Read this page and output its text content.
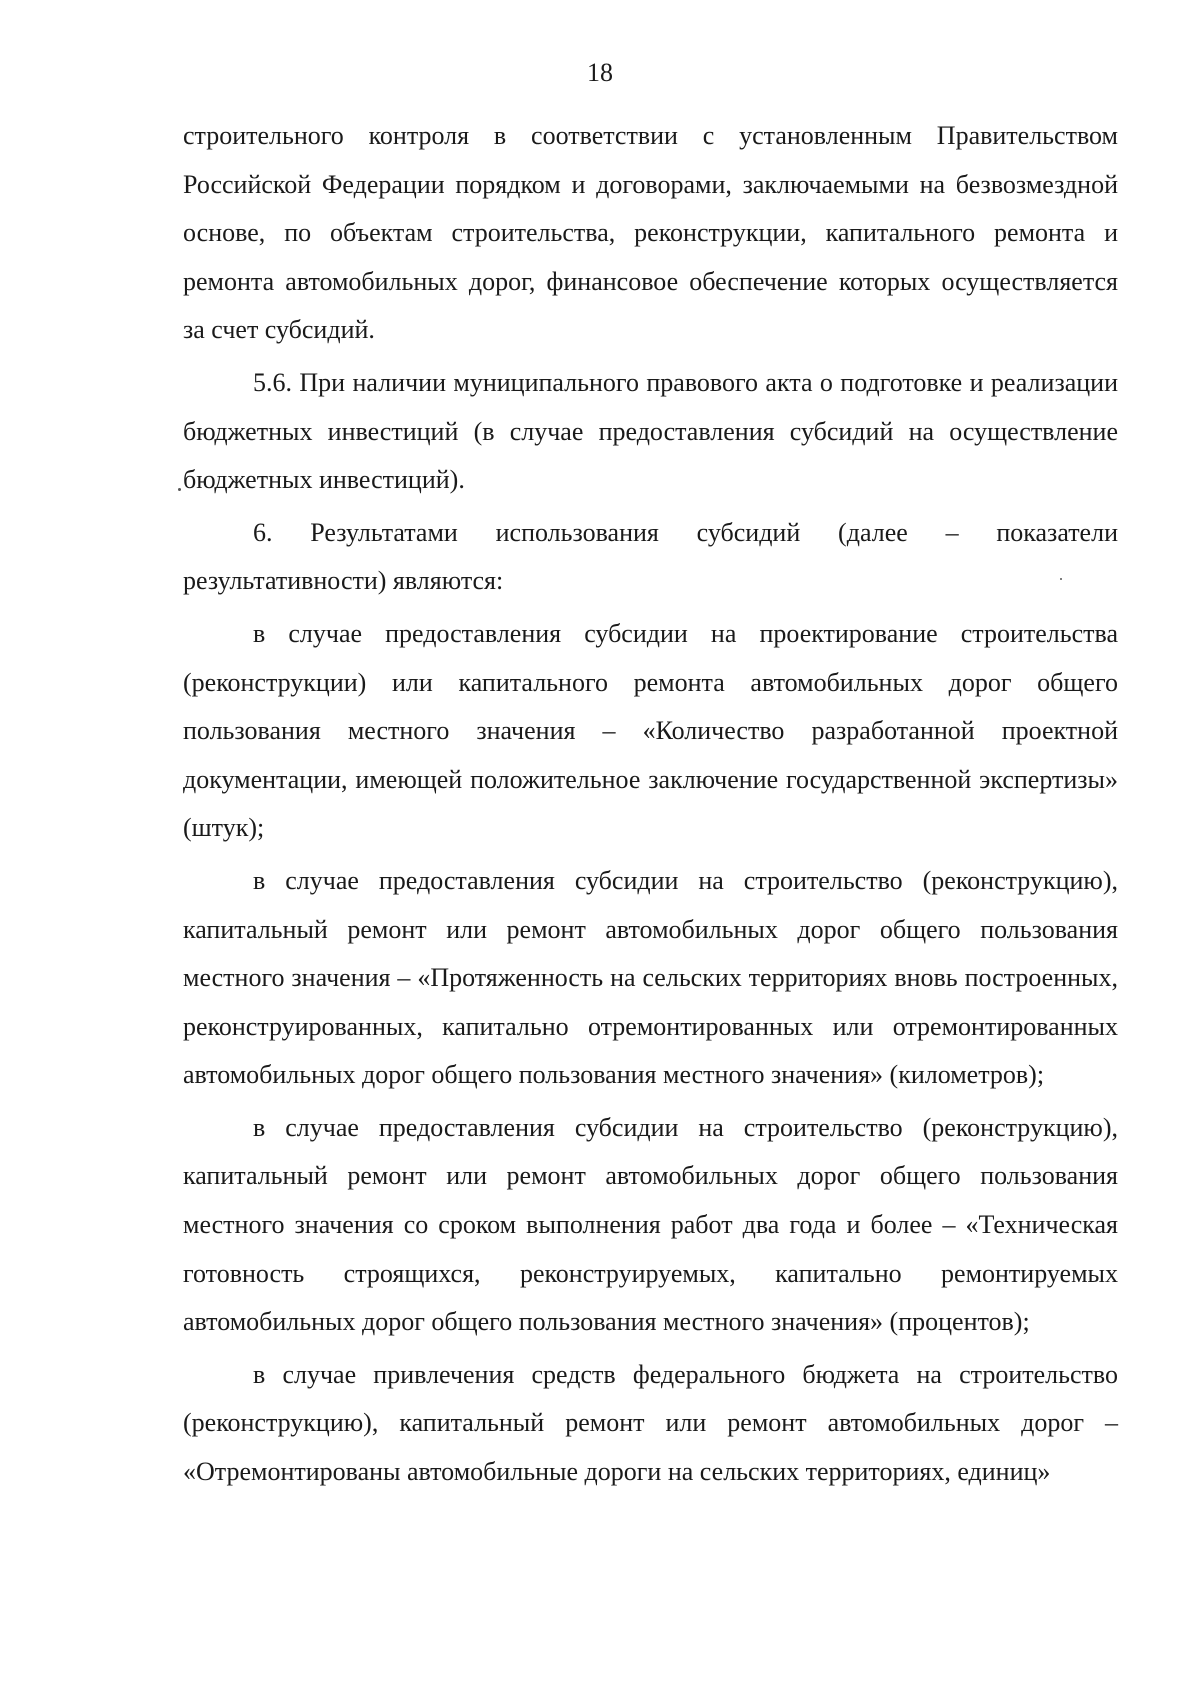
18

строительного контроля в соответствии с установленным Правительством Российской Федерации порядком и договорами, заключаемыми на безвозмездной основе, по объектам строительства, реконструкции, капитального ремонта и ремонта автомобильных дорог, финансовое обеспечение которых осуществляется за счет субсидий.

5.6. При наличии муниципального правового акта о подготовке и реализации бюджетных инвестиций (в случае предоставления субсидий на осуществление бюджетных инвестиций).

6. Результатами использования субсидий (далее – показатели результативности) являются:

в случае предоставления субсидии на проектирование строительства (реконструкции) или капитального ремонта автомобильных дорог общего пользования местного значения – «Количество разработанной проектной документации, имеющей положительное заключение государственной экспертизы» (штук);

в случае предоставления субсидии на строительство (реконструкцию), капитальный ремонт или ремонт автомобильных дорог общего пользования местного значения – «Протяженность на сельских территориях вновь построенных, реконструированных, капитально отремонтированных или отремонтированных автомобильных дорог общего пользования местного значения» (километров);

в случае предоставления субсидии на строительство (реконструкцию), капитальный ремонт или ремонт автомобильных дорог общего пользования местного значения со сроком выполнения работ два года и более – «Техническая готовность строящихся, реконструируемых, капитально ремонтируемых автомобильных дорог общего пользования местного значения» (процентов);

в случае привлечения средств федерального бюджета на строительство (реконструкцию), капитальный ремонт или ремонт автомобильных дорог – «Отремонтированы автомобильные дороги на сельских территориях, единиц»
